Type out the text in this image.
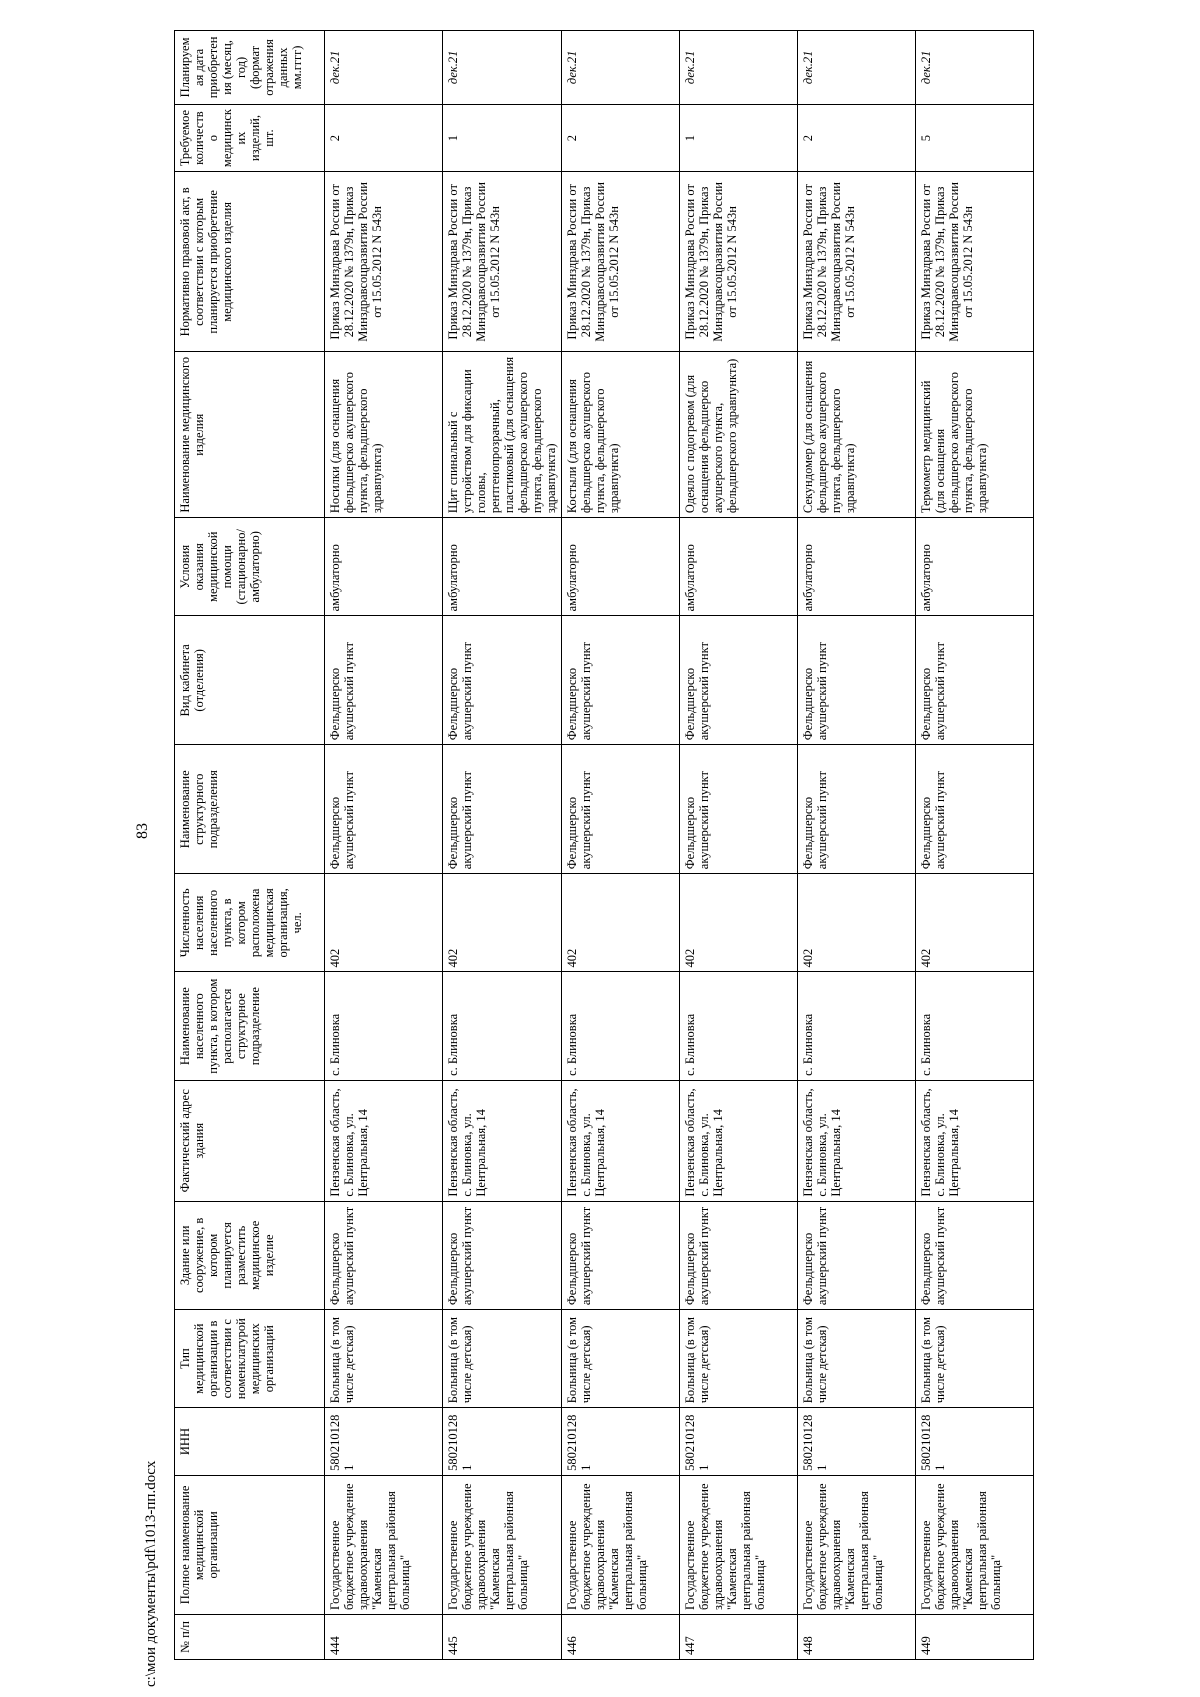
83
№ п/п	Полное наименование медицинской организации	ИНН	Тип медицинской организации в соответствии с номенклатурой медицинских организаций	Здание или сооружение, в котором планируется разместить медицинское изделие	Фактический адрес здания	Наименование населенного пункта, в котором располагается структурное подразделение	Численность населения населенного пункта, в котором расположена медицинская организация, чел.	Наименование структурного подразделения	Вид кабинета (отделения)	Условия оказания медицинской помощи (стационарно/ амбулаторно)	Наименование медицинского изделия	Нормативно правовой акт, в соответствии с которым планируется приобретение медицинского изделия	Требуемое количество медицинских изделий, шт.	Планируемая дата приобретения (месяц, год) (формат отражения данных мм.гггг)
444	Государственное бюджетное учреждение здравоохранения "Каменская центральная районная больница"	5802101281	Больница (в том числе детская)	Фельдшерско акушерский пункт	Пензенская область, с. Блиновка, ул. Центральная, 14	с. Блиновка	402	Фельдшерско акушерский пункт	Фельдшерско акушерский пункт	амбулаторно	Носилки (для оснащения фельдшерско акушерского пункта, фельдшерского здравпункта)	Приказ Минздрава России от 28.12.2020 № 1379н, Приказ Минздравсоцразвития России от 15.05.2012 N 543н	2	дек.21
445	Государственное бюджетное учреждение здравоохранения "Каменская центральная районная больница"	5802101281	Больница (в том числе детская)	Фельдшерско акушерский пункт	Пензенская область, с. Блиновка, ул. Центральная, 14	с. Блиновка	402	Фельдшерско акушерский пункт	Фельдшерско акушерский пункт	амбулаторно	Щит спинальный с устройством для фиксации головы, рентгенопрозрачный, пластиковый (для оснащения фельдшерско акушерского пункта, фельдшерского здравпункта)	Приказ Минздрава России от 28.12.2020 № 1379н, Приказ Минздравсоцразвития России от 15.05.2012 N 543н	1	дек.21
446	Государственное бюджетное учреждение здравоохранения "Каменская центральная районная больница"	5802101281	Больница (в том числе детская)	Фельдшерско акушерский пункт	Пензенская область, с. Блиновка, ул. Центральная, 14	с. Блиновка	402	Фельдшерско акушерский пункт	Фельдшерско акушерский пункт	амбулаторно	Костыли (для оснащения фельдшерско акушерского пункта, фельдшерского здравпункта)	Приказ Минздрава России от 28.12.2020 № 1379н, Приказ Минздравсоцразвития России от 15.05.2012 N 543н	2	дек.21
447	Государственное бюджетное учреждение здравоохранения "Каменская центральная районная больница"	5802101281	Больница (в том числе детская)	Фельдшерско акушерский пункт	Пензенская область, с. Блиновка, ул. Центральная, 14	с. Блиновка	402	Фельдшерско акушерский пункт	Фельдшерско акушерский пункт	амбулаторно	Одеяло с подогревом (для оснащения фельдшерско акушерского пункта, фельдшерского здравпункта)	Приказ Минздрава России от 28.12.2020 № 1379н, Приказ Минздравсоцразвития России от 15.05.2012 N 543н	1	дек.21
448	Государственное бюджетное учреждение здравоохранения "Каменская центральная районная больница"	5802101281	Больница (в том числе детская)	Фельдшерско акушерский пункт	Пензенская область, с. Блиновка, ул. Центральная, 14	с. Блиновка	402	Фельдшерско акушерский пункт	Фельдшерско акушерский пункт	амбулаторно	Секундомер (для оснащения фельдшерско акушерского пункта, фельдшерского здравпункта)	Приказ Минздрава России от 28.12.2020 № 1379н, Приказ Минздравсоцразвития России от 15.05.2012 N 543н	2	дек.21
449	Государственное бюджетное учреждение здравоохранения "Каменская центральная районная больница"	5802101281	Больница (в том числе детская)	Фельдшерско акушерский пункт	Пензенская область, с. Блиновка, ул. Центральная, 14	с. Блиновка	402	Фельдшерско акушерский пункт	Фельдшерско акушерский пункт	амбулаторно	Термометр медицинский (для оснащения фельдшерско акушерского пункта, фельдшерского здравпункта)	Приказ Минздрава России от 28.12.2020 № 1379н, Приказ Минздравсоцразвития России от 15.05.2012 N 543н	5	дек.21
c:\мои документы\pdf\1013-пп.docx
